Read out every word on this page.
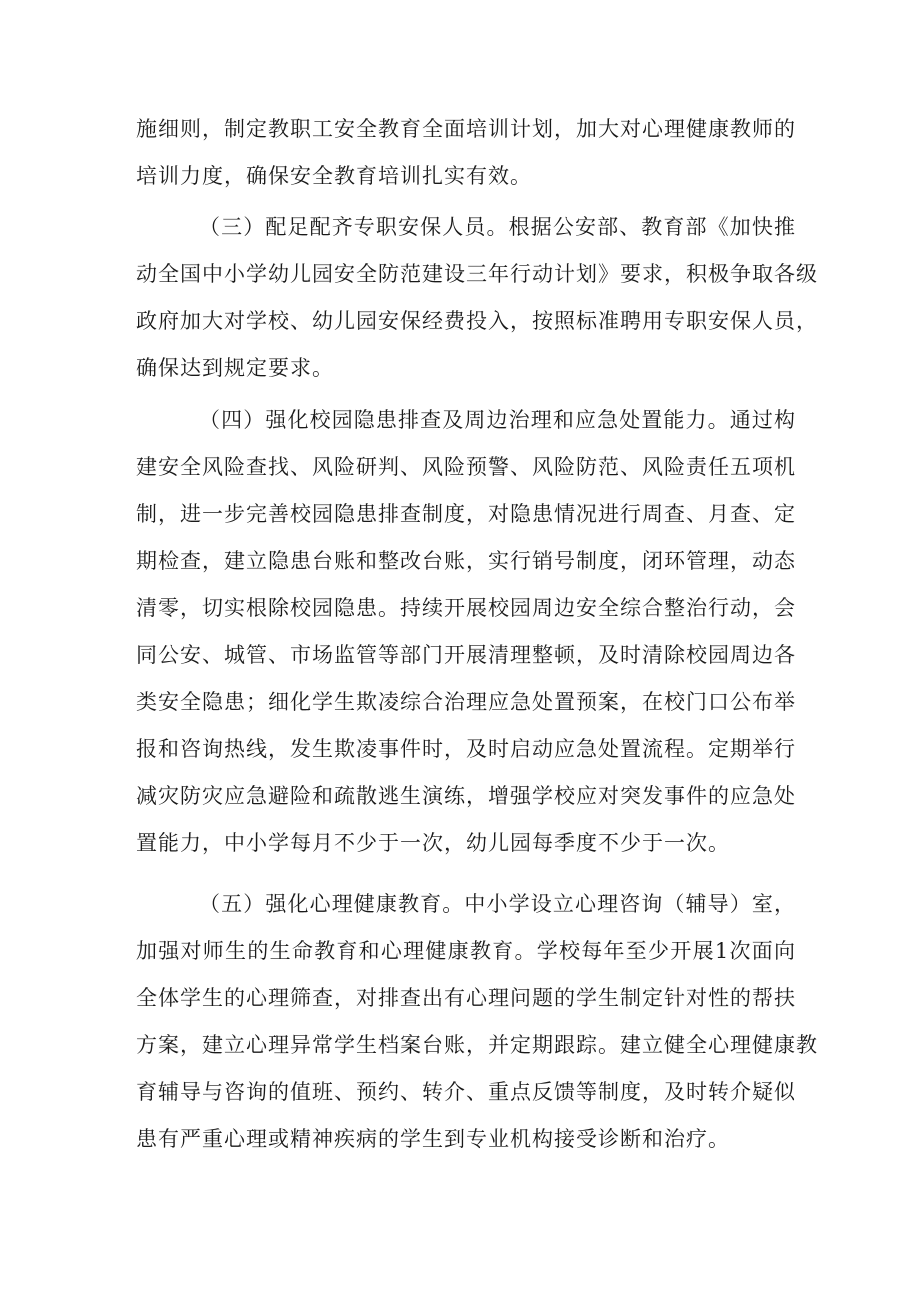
施细则，制定教职工安全教育全面培训计划，加大对心理健康教师的
培训力度，确保安全教育培训扎实有效。
（三）配足配齐专职安保人员。根据公安部、教育部《加快推
动全国中小学幼儿园安全防范建设三年行动计划》要求，积极争取各级
政府加大对学校、幼儿园安保经费投入，按照标准聘用专职安保人员，
确保达到规定要求。
（四）强化校园隐患排查及周边治理和应急处置能力。通过构
建安全风险查找、风险研判、风险预警、风险防范、风险责任五项机
制，进一步完善校园隐患排查制度，对隐患情况进行周查、月查、定
期检查，建立隐患台账和整改台账，实行销号制度，闭环管理，动态
清零，切实根除校园隐患。持续开展校园周边安全综合整治行动，会
同公安、城管、市场监管等部门开展清理整顿，及时清除校园周边各
类安全隐患；细化学生欺凌综合治理应急处置预案，在校门口公布举
报和咨询热线，发生欺凌事件时，及时启动应急处置流程。定期举行
减灾防灾应急避险和疏散逃生演练，增强学校应对突发事件的应急处
置能力，中小学每月不少于一次，幼儿园每季度不少于一次。
（五）强化心理健康教育。中小学设立心理咨询（辅导）室，
加强对师生的生命教育和心理健康教育。学校每年至少开展1次面向
全体学生的心理筛查，对排查出有心理问题的学生制定针对性的帮扶
方案，建立心理异常学生档案台账，并定期跟踪。建立健全心理健康教
育辅导与咨询的值班、预约、转介、重点反馈等制度，及时转介疑似
患有严重心理或精神疾病的学生到专业机构接受诊断和治疗。
